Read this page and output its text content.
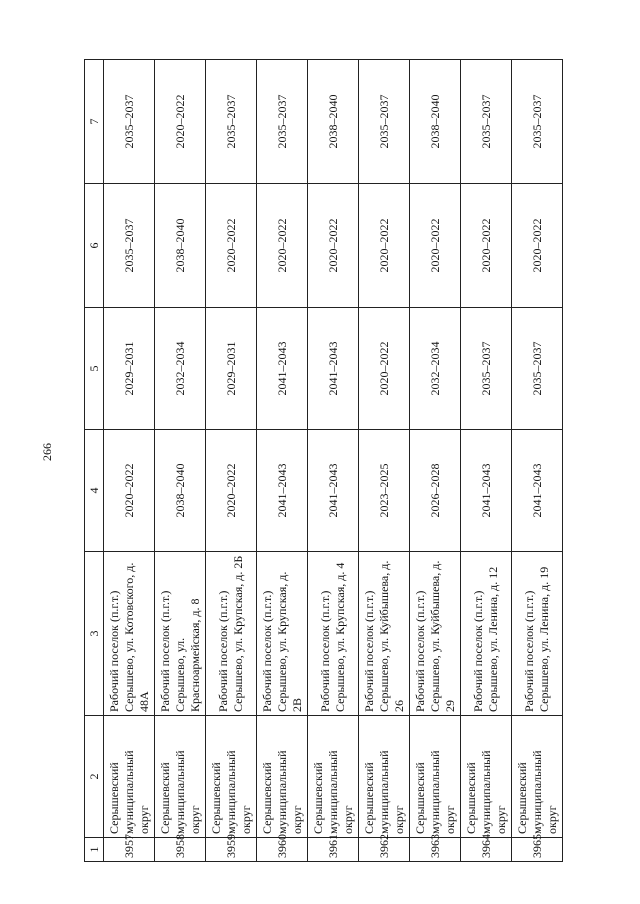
266
1	2	3	4	5	6	7
3957	Серышевский муниципальный округ	Рабочий поселок (п.г.т.) Серышево, ул. Котовского, д. 48А	2020–2022	2029–2031	2035–2037	2035–2037
3958	Серышевский муниципальный округ	Рабочий поселок (п.г.т.) Серышево, ул. Красноармейская, д. 8	2038–2040	2032–2034	2038–2040	2020–2022
3959	Серышевский муниципальный округ	Рабочий поселок (п.г.т.) Серышево, ул. Крупская, д. 2Б	2020–2022	2029–2031	2020–2022	2035–2037
3960	Серышевский муниципальный округ	Рабочий поселок (п.г.т.) Серышево, ул. Крупская, д. 2В	2041–2043	2041–2043	2020–2022	2035–2037
3961	Серышевский муниципальный округ	Рабочий поселок (п.г.т.) Серышево, ул. Крупская, д. 4	2041–2043	2041–2043	2020–2022	2038–2040
3962	Серышевский муниципальный округ	Рабочий поселок (п.г.т.) Серышево, ул. Куйбышева, д. 26	2023–2025	2020–2022	2020–2022	2035–2037
3963	Серышевский муниципальный округ	Рабочий поселок (п.г.т.) Серышево, ул. Куйбышева, д. 29	2026–2028	2032–2034	2020–2022	2038–2040
3964	Серышевский муниципальный округ	Рабочий поселок (п.г.т.) Серышево, ул. Ленина, д. 12	2041–2043	2035–2037	2020–2022	2035–2037
3965	Серышевский муниципальный округ	Рабочий поселок (п.г.т.) Серышево, ул. Ленина, д. 19	2041–2043	2035–2037	2020–2022	2035–2037
